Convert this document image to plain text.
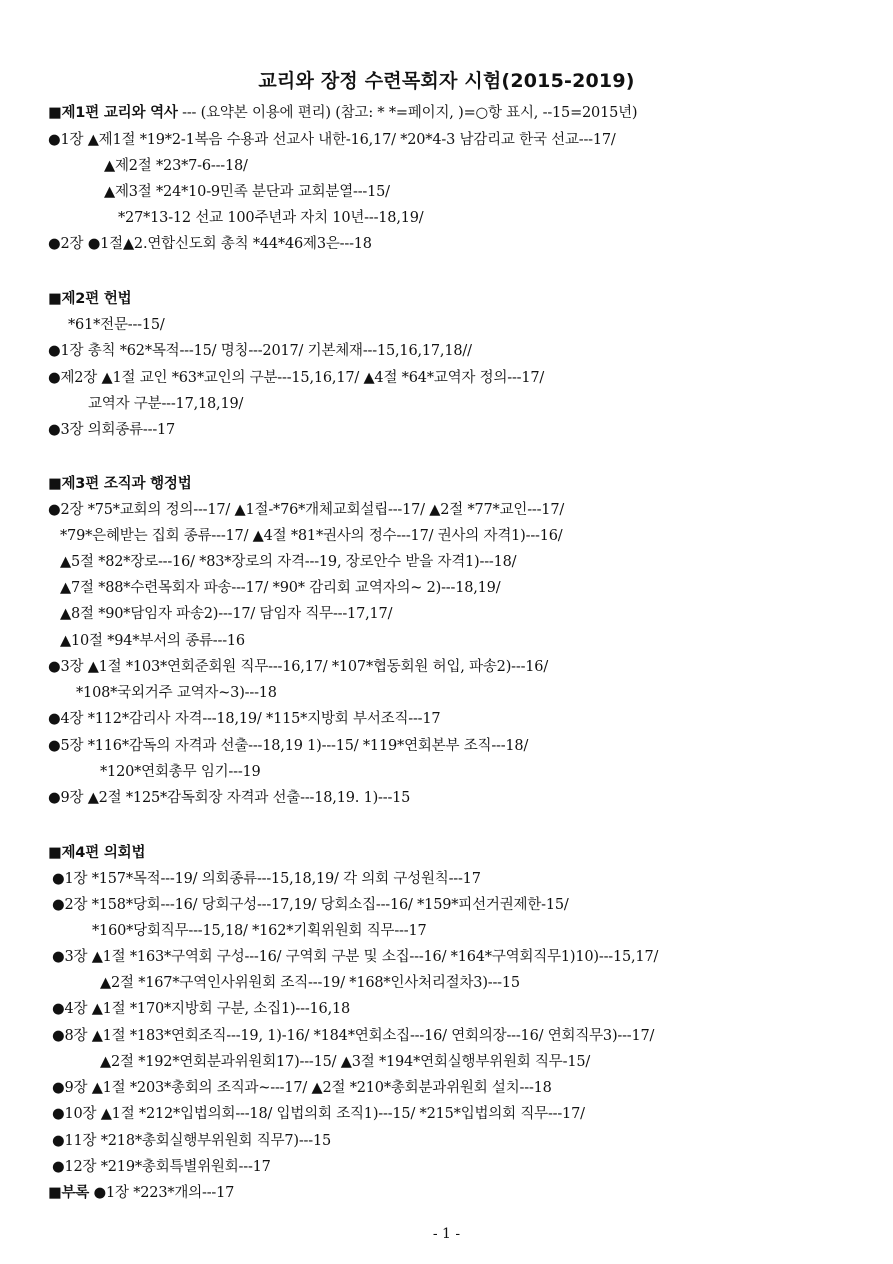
교리와 장정 수련목회자 시험(2015-2019)
■제1편 교리와 역사 --- (요약본 이용에 편리) (참고: * *=페이지, )=○항 표시, --15=2015년)
●1장 ▲제1절 *19*2-1복음 수용과 선교사 내한-16,17/ *20*4-3 남감리교 한국 선교---17/
▲제2절 *23*7-6---18/
▲제3절 *24*10-9민족 분단과 교회분열---15/
*27*13-12 선교 100주년과 자치 10년---18,19/
●2장 ●1절▲2.연합신도회 총칙 *44*46제3은---18
■제2편 헌법
*61*전문---15/
●1장 총칙 *62*목적---15/ 명칭---2017/ 기본체재---15,16,17,18//
●제2장 ▲1절 교인 *63*교인의 구분---15,16,17/ ▲4절 *64*교역자 정의---17/
교역자 구분---17,18,19/
●3장 의회종류---17
■제3편 조직과 행정법
●2장 *75*교회의 정의---17/ ▲1절-*76*개체교회설립---17/ ▲2절 *77*교인---17/
*79*은혜받는 집회 종류---17/ ▲4절 *81*권사의 정수---17/ 권사의 자격1)---16/
▲5절 *82*장로---16/ *83*장로의 자격---19, 장로안수 받을 자격1)---18/
▲7절 *88*수련목회자 파송---17/ *90* 감리회 교역자의~ 2)---18,19/
▲8절 *90*담임자 파송2)---17/ 담임자 직무---17,17/
▲10절 *94*부서의 종류---16
●3장 ▲1절 *103*연회준회원 직무---16,17/ *107*협동회원 허입, 파송2)---16/
*108*국외거주 교역자~3)---18
●4장 *112*감리사 자격---18,19/ *115*지방회 부서조직---17
●5장 *116*감독의 자격과 선출---18,19 1)---15/ *119*연회본부 조직---18/
*120*연회총무 임기---19
●9장 ▲2절 *125*감독회장 자격과 선출---18,19. 1)---15
■제4편 의회법
●1장 *157*목적---19/ 의회종류---15,18,19/ 각 의회 구성원칙---17
●2장 *158*당회---16/ 당회구성---17,19/ 당회소집---16/ *159*피선거권제한-15/
*160*당회직무---15,18/ *162*기획위원회 직무---17
●3장 ▲1절 *163*구역회 구성---16/ 구역회 구분 및 소집---16/ *164*구역회직무1)10)---15,17/
▲2절 *167*구역인사위원회 조직---19/ *168*인사처리절차3)---15
●4장 ▲1절 *170*지방회 구분, 소집1)---16,18
●8장 ▲1절 *183*연회조직---19, 1)-16/ *184*연회소집---16/ 연회의장---16/ 연회직무3)---17/
▲2절 *192*연회분과위원회17)---15/ ▲3절 *194*연회실행부위원회 직무-15/
●9장 ▲1절 *203*총회의 조직과~---17/ ▲2절 *210*총회분과위원회 설치---18
●10장 ▲1절 *212*입법의회---18/ 입법의회 조직1)---15/ *215*입법의회 직무---17/
●11장 *218*총회실행부위원회 직무7)---15
●12장 *219*총회특별위원회---17
■부록 ●1장 *223*개의---17
- 1 -
